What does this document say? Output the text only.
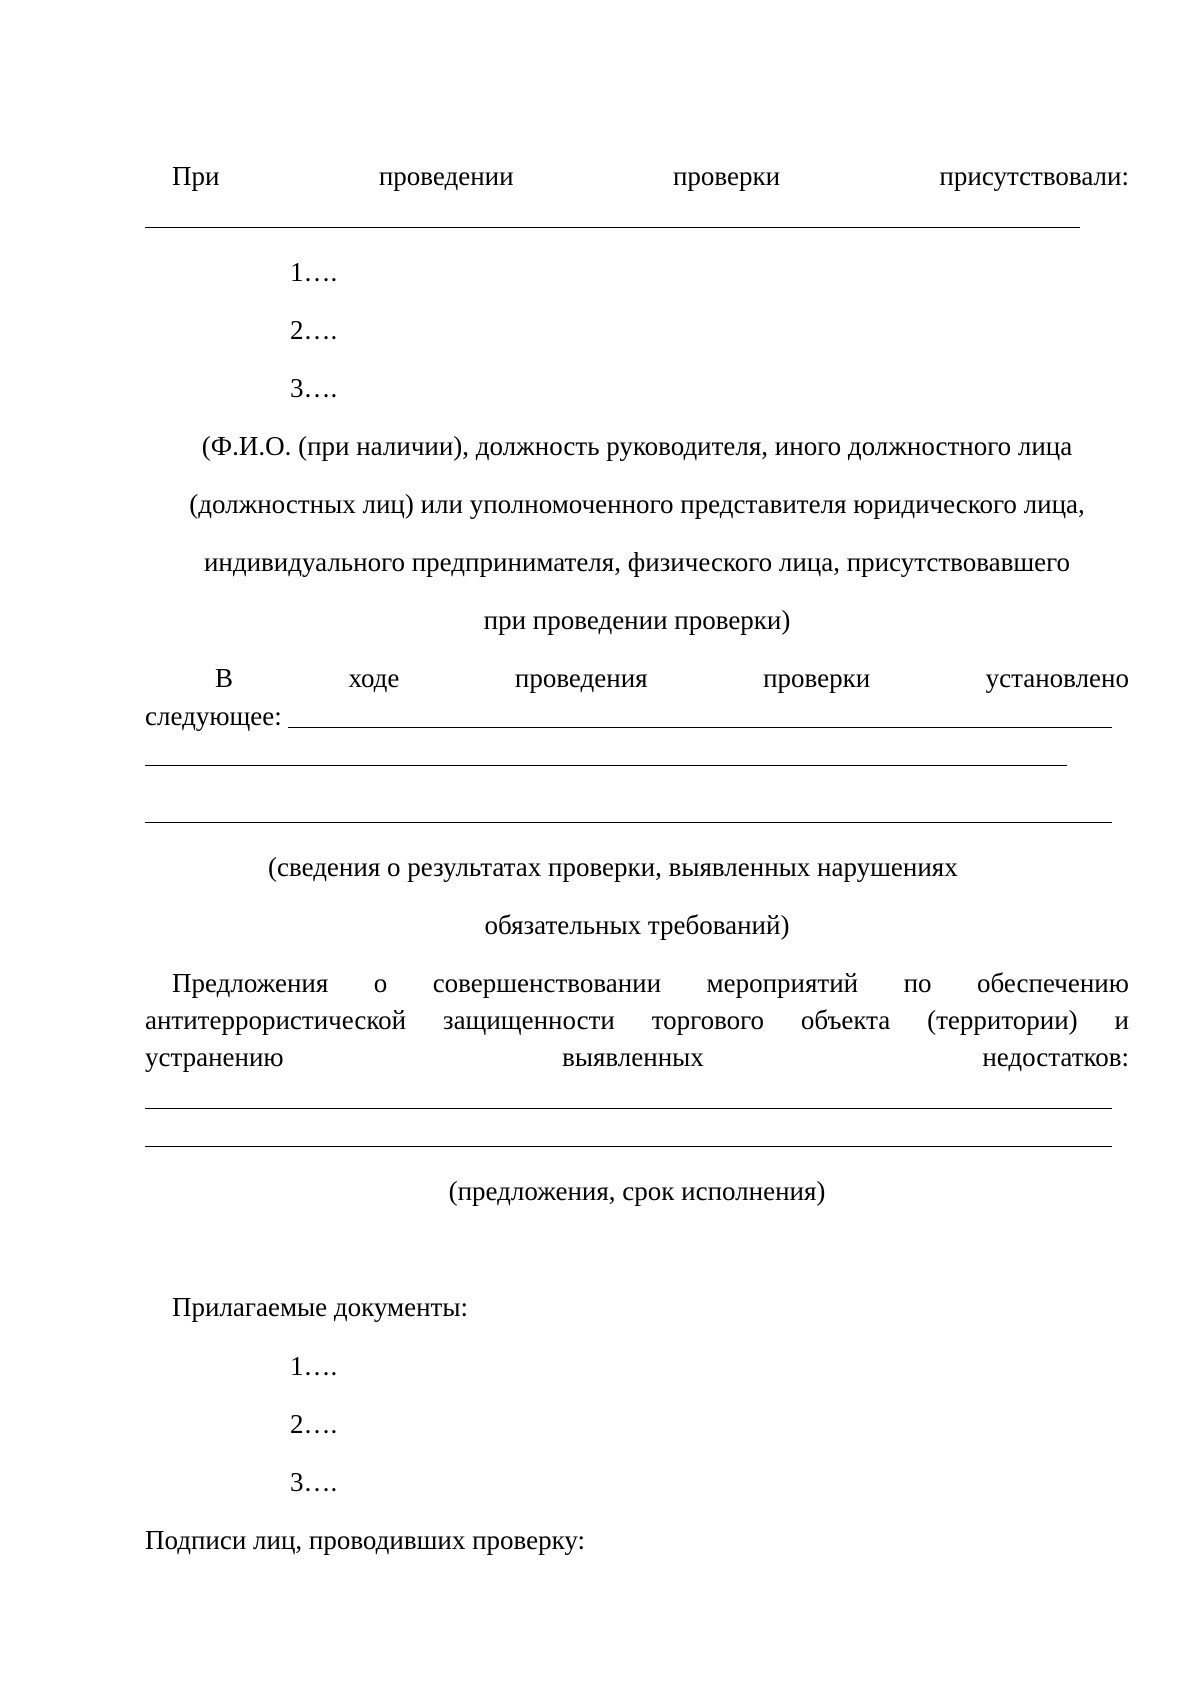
При	проведении	проверки	присутствовали:
1….
2….
3….
(Ф.И.О. (при наличии), должность руководителя, иного должностного лица
(должностных лиц) или уполномоченного представителя юридического лица,
индивидуального предпринимателя, физического лица, присутствовавшего
при проведении проверки)
В	ходе	проведения	проверки	установлено
следующее:
(сведения о результатах проверки, выявленных нарушениях
обязательных требований)
Предложения о совершенствовании мероприятий по обеспечению
антитеррористической защищенности торгового объекта (территории) и
устранению	выявленных	недостатков:
(предложения, срок исполнения)
Прилагаемые документы:
1….
2….
3….
Подписи лиц, проводивших проверку:
